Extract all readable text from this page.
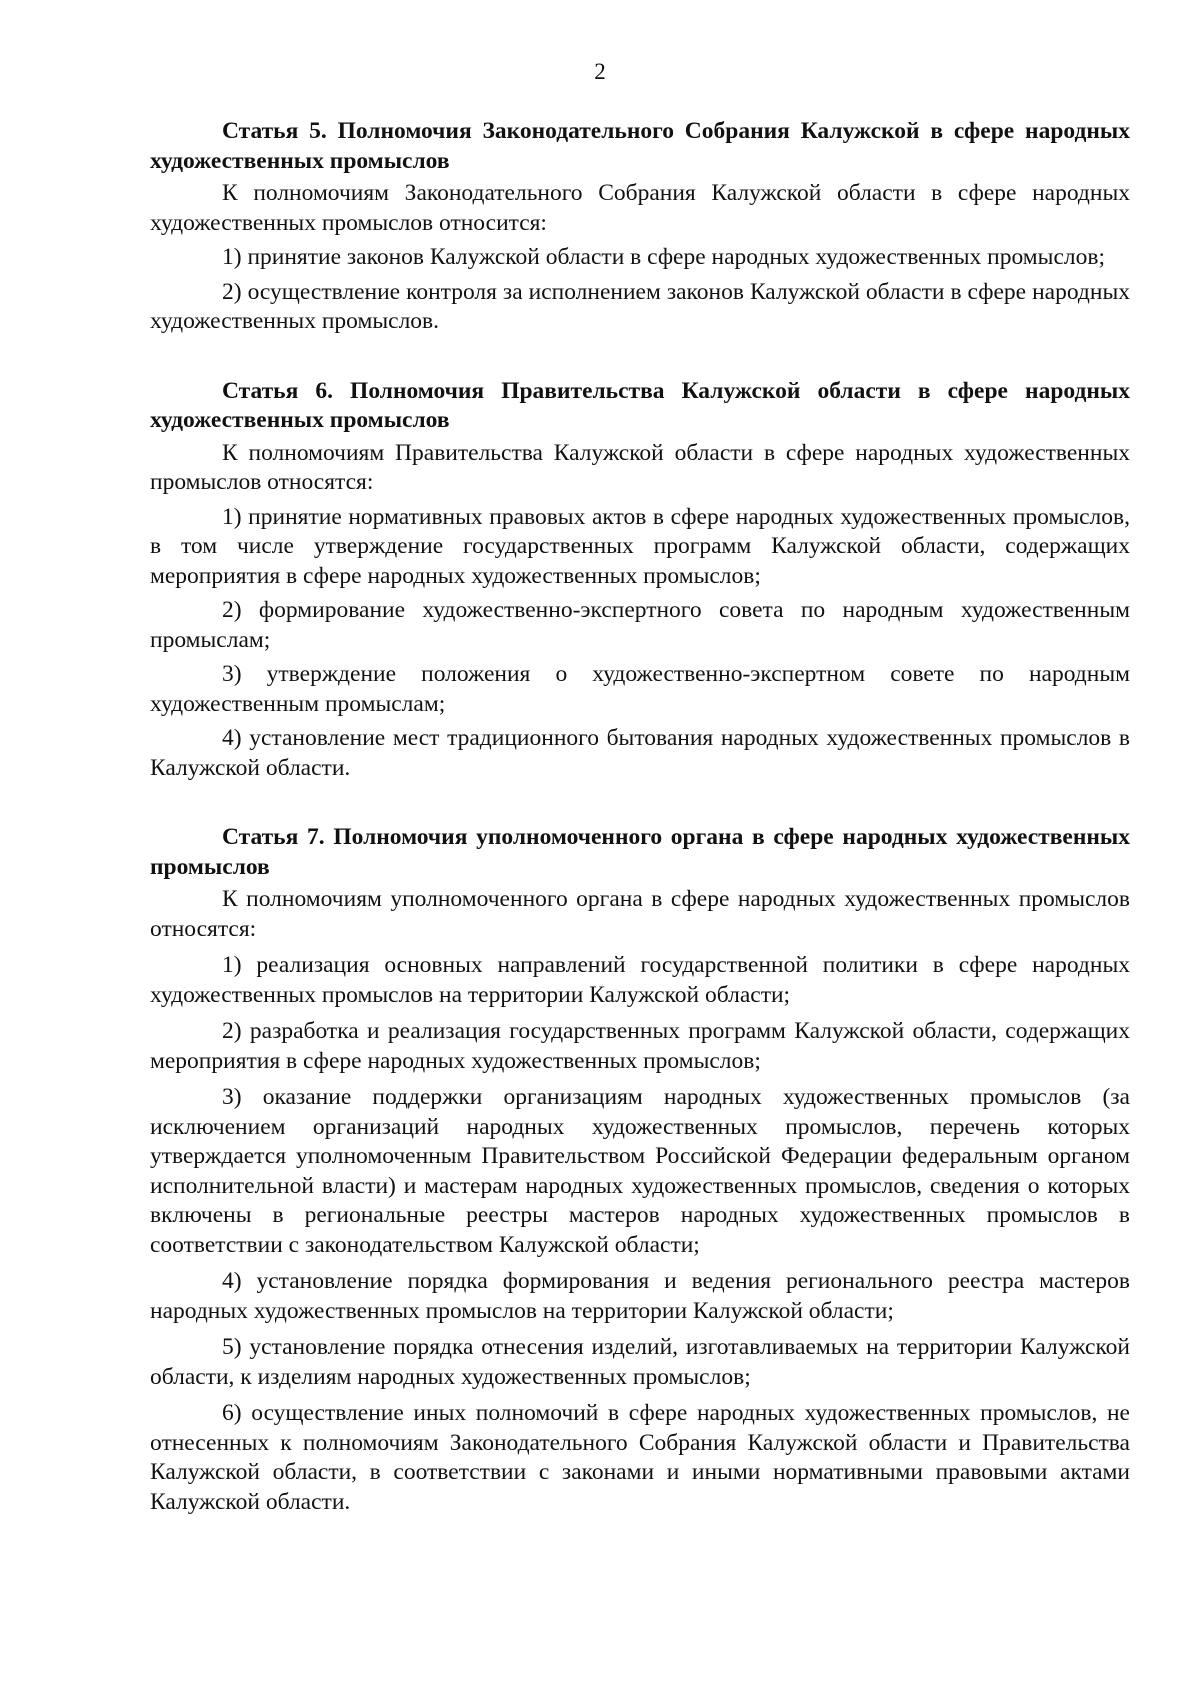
2

Статья 5. Полномочия Законодательного Собрания Калужской в сфере народных художественных промыслов

К полномочиям Законодательного Собрания Калужской области в сфере народных художественных промыслов относится:

1) принятие законов Калужской области в сфере народных художественных промыслов;

2) осуществление контроля за исполнением законов Калужской области в сфере народных художественных промыслов.

Статья 6. Полномочия Правительства Калужской области в сфере народных художественных промыслов

К полномочиям Правительства Калужской области в сфере народных художественных промыслов относятся:

1) принятие нормативных правовых актов в сфере народных художественных промыслов, в том числе утверждение государственных программ Калужской области, содержащих мероприятия в сфере народных художественных промыслов;

2) формирование художественно-экспертного совета по народным художественным промыслам;

3) утверждение положения о художественно-экспертном совете по народным художественным промыслам;

4) установление мест традиционного бытования народных художественных промыслов в Калужской области.

Статья 7. Полномочия уполномоченного органа в сфере народных художественных промыслов

К полномочиям уполномоченного органа в сфере народных художественных промыслов относятся:

1) реализация основных направлений государственной политики в сфере народных художественных промыслов на территории Калужской области;

2) разработка и реализация государственных программ Калужской области, содержащих мероприятия в сфере народных художественных промыслов;

3) оказание поддержки организациям народных художественных промыслов (за исключением организаций народных художественных промыслов, перечень которых утверждается уполномоченным Правительством Российской Федерации федеральным органом исполнительной власти) и мастерам народных художественных промыслов, сведения о которых включены в региональные реестры мастеров народных художественных промыслов в соответствии с законодательством Калужской области;

4) установление порядка формирования и ведения регионального реестра мастеров народных художественных промыслов на территории Калужской области;

5) установление порядка отнесения изделий, изготавливаемых на территории Калужской области, к изделиям народных художественных промыслов;

6) осуществление иных полномочий в сфере народных художественных промыслов, не отнесенных к полномочиям Законодательного Собрания Калужской области и Правительства Калужской области, в соответствии с законами и иными нормативными правовыми актами Калужской области.
